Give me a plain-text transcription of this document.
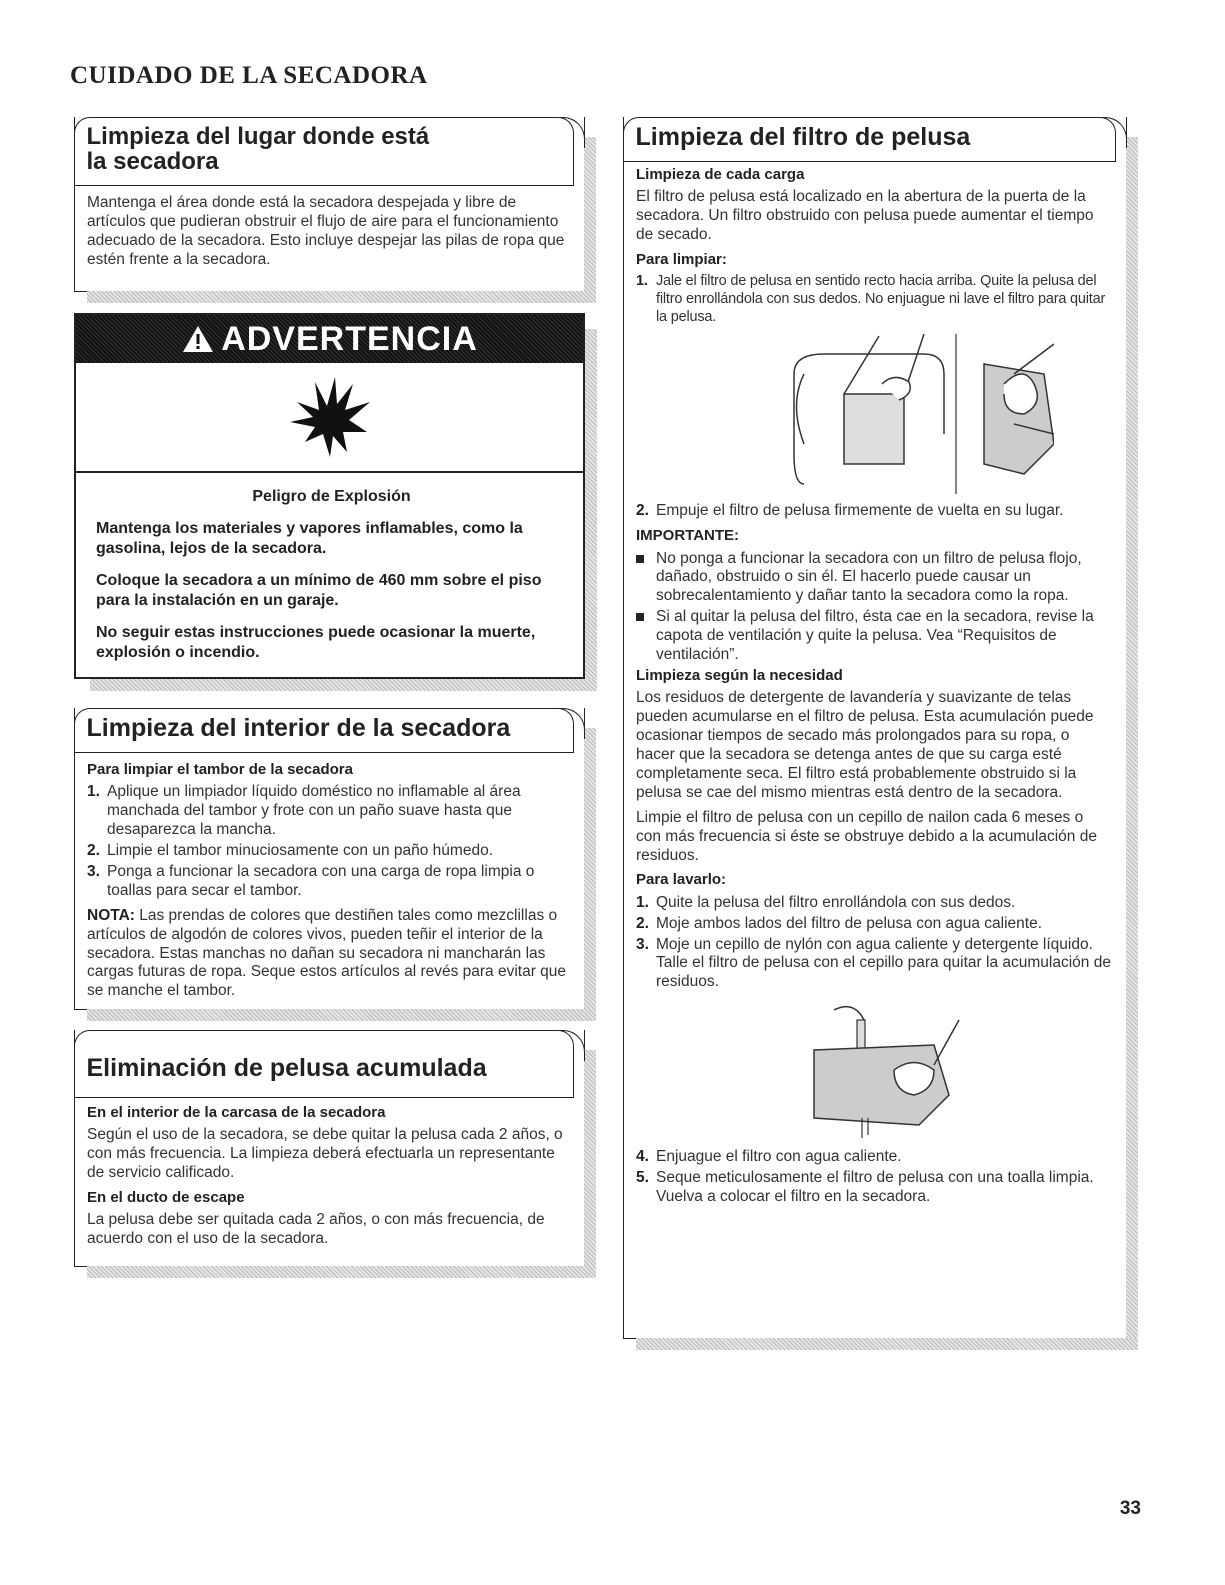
CUIDADO DE LA SECADORA
Limpieza del lugar donde está
la secadora

Mantenga el área donde está la secadora despejada y libre de artículos que pudieran obstruir el flujo de aire para el funcionamiento adecuado de la secadora. Esto incluye despejar las pilas de ropa que estén frente a la secadora.

ADVERTENCIA
Peligro de Explosión

Mantenga los materiales y vapores inflamables, como la gasolina, lejos de la secadora.

Coloque la secadora a un mínimo de 460 mm sobre el piso para la instalación en un garaje.

No seguir estas instrucciones puede ocasionar la muerte, explosión o incendio.

Limpieza del interior de la secadora
Para limpiar el tambor de la secadora
1. Aplique un limpiador líquido doméstico no inflamable al área manchada del tambor y frote con un paño suave hasta que desaparezca la mancha.
2. Limpie el tambor minuciosamente con un paño húmedo.
3. Ponga a funcionar la secadora con una carga de ropa limpia o toallas para secar el tambor.

NOTA: Las prendas de colores que destiñen tales como mezclillas o artículos de algodón de colores vivos, pueden teñir el interior de la secadora. Estas manchas no dañan su secadora ni mancharán las cargas futuras de ropa. Seque estos artículos al revés para evitar que se manche el tambor.

Eliminación de pelusa acumulada
En el interior de la carcasa de la secadora

Según el uso de la secadora, se debe quitar la pelusa cada 2 años, o con más frecuencia. La limpieza deberá efectuarla un representante de servicio calificado.

En el ducto de escape

La pelusa debe ser quitada cada 2 años, o con más frecuencia, de acuerdo con el uso de la secadora.

Limpieza del filtro de pelusa
Limpieza de cada carga

El filtro de pelusa está localizado en la abertura de la puerta de la secadora. Un filtro obstruido con pelusa puede aumentar el tiempo de secado.

Para limpiar:
1. Jale el filtro de pelusa en sentido recto hacia arriba. Quite la pelusa del filtro enrollándola con sus dedos. No enjuague ni lave el filtro para quitar la pelusa.
2. Empuje el filtro de pelusa firmemente de vuelta en su lugar.
IMPORTANTE:
No ponga a funcionar la secadora con un filtro de pelusa flojo, dañado, obstruido o sin él. El hacerlo puede causar un sobrecalentamiento y dañar tanto la secadora como la ropa.
Si al quitar la pelusa del filtro, ésta cae en la secadora, revise la capota de ventilación y quite la pelusa. Vea “Requisitos de ventilación”.
Limpieza según la necesidad

Los residuos de detergente de lavandería y suavizante de telas pueden acumularse en el filtro de pelusa. Esta acumulación puede ocasionar tiempos de secado más prolongados para su ropa, o hacer que la secadora se detenga antes de que su carga esté completamente seca. El filtro está probablemente obstruido si la pelusa se cae del mismo mientras está dentro de la secadora.

Limpie el filtro de pelusa con un cepillo de nailon cada 6 meses o con más frecuencia si éste se obstruye debido a la acumulación de residuos.

Para lavarlo:
1. Quite la pelusa del filtro enrollándola con sus dedos.
2. Moje ambos lados del filtro de pelusa con agua caliente.
3. Moje un cepillo de nylón con agua caliente y detergente líquido. Talle el filtro de pelusa con el cepillo para quitar la acumulación de residuos.
4. Enjuague el filtro con agua caliente.
5. Seque meticulosamente el filtro de pelusa con una toalla limpia. Vuelva a colocar el filtro en la secadora.
33
